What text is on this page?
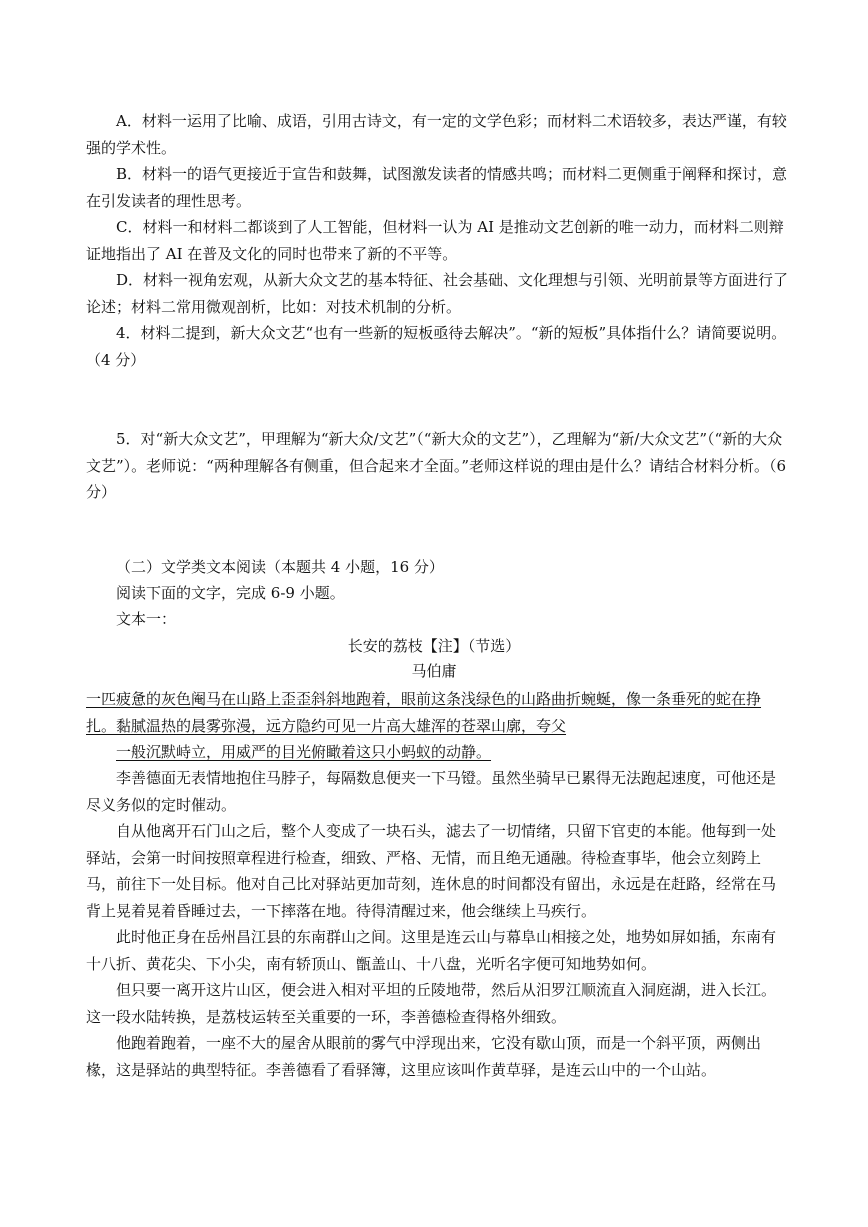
A．材料一运用了比喻、成语，引用古诗文，有一定的文学色彩；而材料二术语较多，表达严谨，有较强的学术性。

B．材料一的语气更接近于宣告和鼓舞，试图激发读者的情感共鸣；而材料二更侧重于阐释和探讨，意在引发读者的理性思考。

C．材料一和材料二都谈到了人工智能，但材料一认为 AI 是推动文艺创新的唯一动力，而材料二则辩证地指出了 AI 在普及文化的同时也带来了新的不平等。

D．材料一视角宏观，从新大众文艺的基本特征、社会基础、文化理想与引领、光明前景等方面进行了论述；材料二常用微观剖析，比如：对技术机制的分析。

4．材料二提到，新大众文艺“也有一些新的短板亟待去解决”。“新的短板”具体指什么？请简要说明。（4 分）

5．对“新大众文艺”，甲理解为“新大众/文艺”（“新大众的文艺”），乙理解为“新/大众文艺”（“新的大众文艺”）。老师说：“两种理解各有侧重，但合起来才全面。”老师这样说的理由是什么？请结合材料分析。（6 分）

（二）文学类文本阅读（本题共 4 小题，16 分）

阅读下面的文字，完成 6-9 小题。

文本一：

长安的荔枝【注】（节选）
马伯庸

一匹疲惫的灰色阉马在山路上歪歪斜斜地跑着，眼前这条浅绿色的山路曲折蜿蜒，像一条垂死的蛇在挣扎。黏腻温热的晨雾弥漫，远方隐约可见一片高大雄浑的苍翠山廓，夸父

一般沉默峙立，用威严的目光俯瞰着这只小蚂蚁的动静。

李善德面无表情地抱住马脖子，每隔数息便夹一下马镫。虽然坐骑早已累得无法跑起速度，可他还是尽义务似的定时催动。

自从他离开石门山之后，整个人变成了一块石头，滤去了一切情绪，只留下官吏的本能。他每到一处驿站，会第一时间按照章程进行检查，细致、严格、无情，而且绝无通融。待检查事毕，他会立刻跨上马，前往下一处目标。他对自己比对驿站更加苛刻，连休息的时间都没有留出，永远是在赶路，经常在马背上晃着晃着昏睡过去，一下摔落在地。待得清醒过来，他会继续上马疾行。

此时他正身在岳州昌江县的东南群山之间。这里是连云山与幕阜山相接之处，地势如屏如插，东南有十八折、黄花尖、下小尖，南有轿顶山、甑盖山、十八盘，光听名字便可知地势如何。

但只要一离开这片山区，便会进入相对平坦的丘陵地带，然后从汨罗江顺流直入洞庭湖，进入长江。这一段水陆转换，是荔枝运转至关重要的一环，李善德检查得格外细致。

他跑着跑着，一座不大的屋舍从眼前的雾气中浮现出来，它没有歇山顶，而是一个斜平顶，两侧出椽，这是驿站的典型特征。李善德看了看驿簿，这里应该叫作黄草驿，是连云山中的一个山站。
